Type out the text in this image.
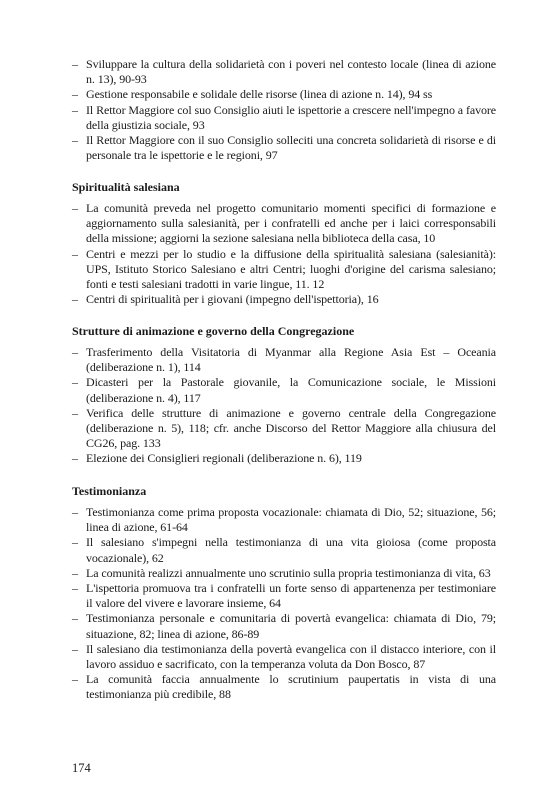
– Sviluppare la cultura della solidarietà con i poveri nel contesto locale (linea di azione n. 13), 90-93
– Gestione responsabile e solidale delle risorse (linea di azione n. 14), 94 ss
– Il Rettor Maggiore col suo Consiglio aiuti le ispettorie a crescere nell'impegno a favore della giustizia sociale, 93
– Il Rettor Maggiore con il suo Consiglio solleciti una concreta solidarietà di risorse e di personale tra le ispettorie e le regioni, 97
Spiritualità salesiana
– La comunità preveda nel progetto comunitario momenti specifici di formazione e aggiornamento sulla salesianità, per i confratelli ed anche per i laici corresponsabili della missione; aggiorni la sezione salesiana nella biblioteca della casa, 10
– Centri e mezzi per lo studio e la diffusione della spiritualità salesiana (salesianità): UPS, Istituto Storico Salesiano e altri Centri; luoghi d'origine del carisma salesiano; fonti e testi salesiani tradotti in varie lingue, 11. 12
– Centri di spiritualità per i giovani (impegno dell'ispettoria), 16
Strutture di animazione e governo della Congregazione
– Trasferimento della Visitatoria di Myanmar alla Regione Asia Est – Oceania (deliberazione n. 1), 114
– Dicasteri per la Pastorale giovanile, la Comunicazione sociale, le Missioni (deliberazione n. 4), 117
– Verifica delle strutture di animazione e governo centrale della Congregazione (deliberazione n. 5), 118; cfr. anche Discorso del Rettor Maggiore alla chiusura del CG26, pag. 133
– Elezione dei Consiglieri regionali (deliberazione n. 6), 119
Testimonianza
– Testimonianza come prima proposta vocazionale: chiamata di Dio, 52; situazione, 56; linea di azione, 61-64
– Il salesiano s'impegni nella testimonianza di una vita gioiosa (come proposta vocazionale), 62
– La comunità realizzi annualmente uno scrutinio sulla propria testimonianza di vita, 63
– L'ispettoria promuova tra i confratelli un forte senso di appartenenza per testimoniare il valore del vivere e lavorare insieme, 64
– Testimonianza personale e comunitaria di povertà evangelica: chiamata di Dio, 79; situazione, 82; linea di azione, 86-89
– Il salesiano dia testimonianza della povertà evangelica con il distacco interiore, con il lavoro assiduo e sacrificato, con la temperanza voluta da Don Bosco, 87
– La comunità faccia annualmente lo scrutinium paupertatis in vista di una testimonianza più credibile, 88
174
